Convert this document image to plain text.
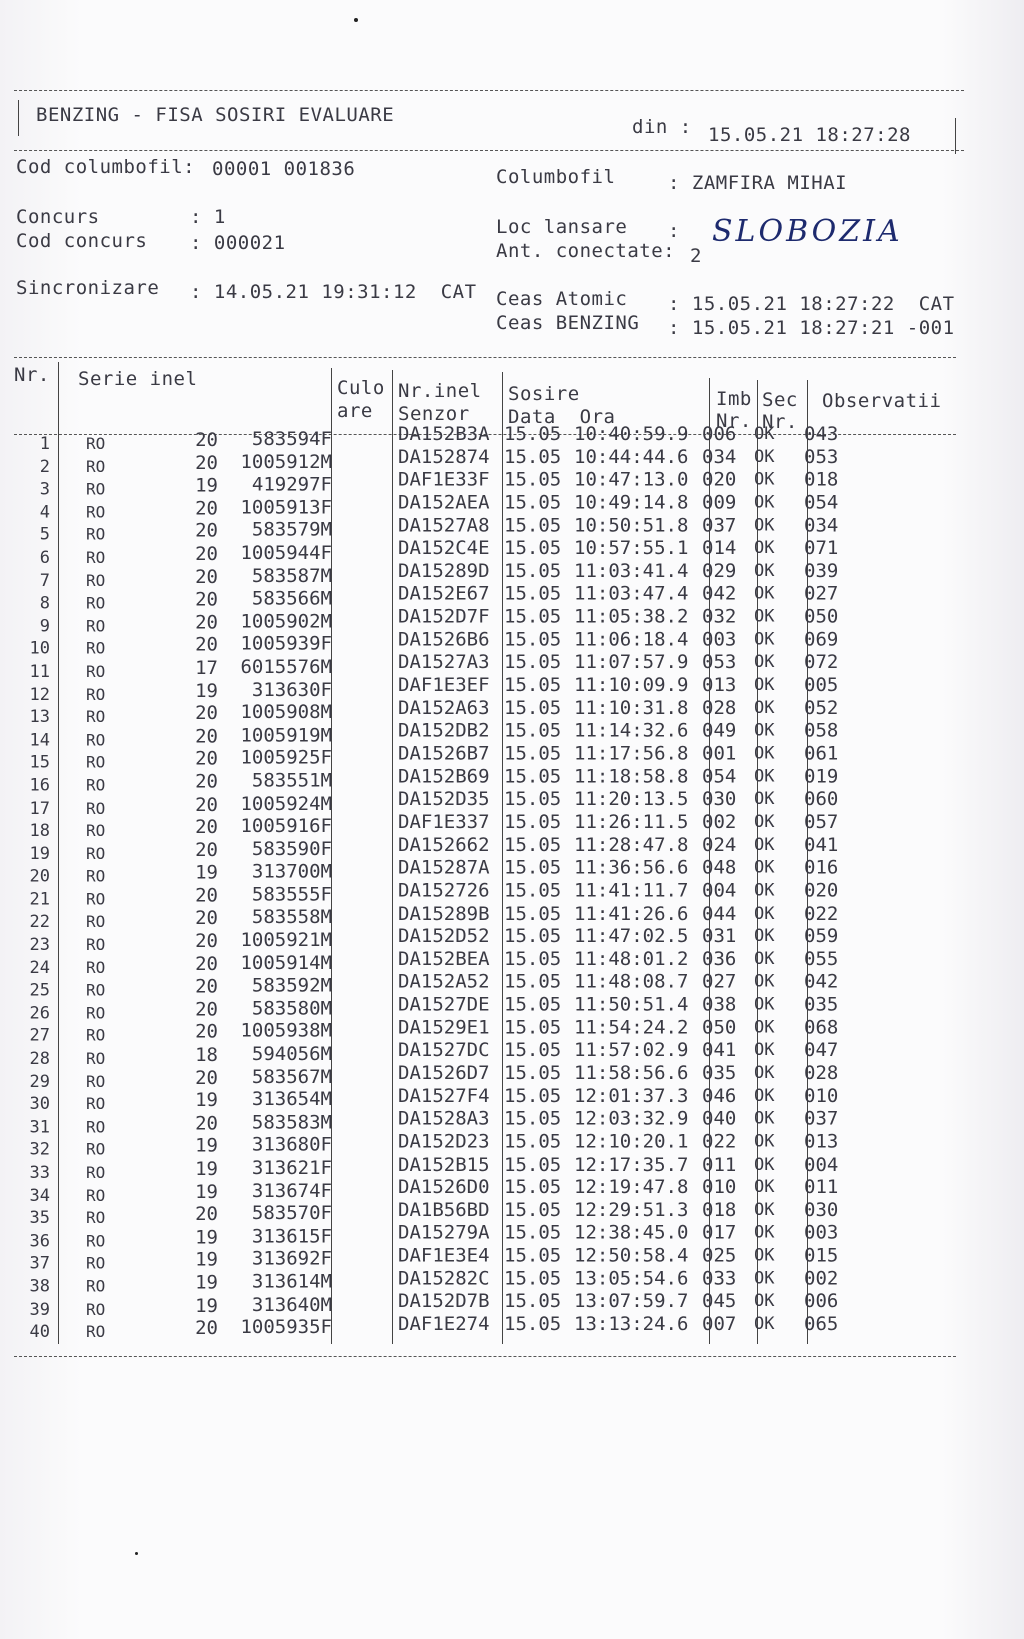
BENZING - FISA SOSIRI EVALUARE
din : 15.05.21 18:27:28
Cod columbofil: 00001 001836	Columbofil	: ZAMFIRA MIHAI
Concurs	: 1
Cod concurs : 000021
Loc lansare : SLOBOZIA
Ant. conectate: 2
Sincronizare : 14.05.21 19:31:12  CAT Ceas Atomic : 15.05.21 18:27:22  CAT
Ceas BENZING : 15.05.21 18:27:21 -001
Nr. Serie inel	Culo
are
Nr.inel
Senzor
Sosire
Data  Ora
Imb
Nr.
Sec
Nr.
Observatii
1 RO	20	583594F	DA152B3A 15.05 10:40:59.9 006 OK 043
2 RO	20	1005912M	DA152874 15.05 10:44:44.6 034 OK 053
3 RO	19	419297F	DAF1E33F 15.05 10:47:13.0 020 OK 018
4 RO	20	1005913F	DA152AEA 15.05 10:49:14.8 009 OK 054
5 RO	20	583579M	DA1527A8 15.05 10:50:51.8 037 OK 034
6 RO	20	1005944F	DA152C4E 15.05 10:57:55.1 014 OK 071
7 RO	20	583587M	DA15289D 15.05 11:03:41.4 029 OK 039
8 RO	20	583566M	DA152E67 15.05 11:03:47.4 042 OK 027
9 RO	20	1005902M	DA152D7F 15.05 11:05:38.2 032 OK 050
10 RO	20	1005939F	DA1526B6 15.05 11:06:18.4 003 OK 069
11 RO	17	6015576M	DA1527A3 15.05 11:07:57.9 053 OK 072
12 RO	19	313630F	DAF1E3EF 15.05 11:10:09.9 013 OK 005
13 RO	20	1005908M	DA152A63 15.05 11:10:31.8 028 OK 052
14 RO	20	1005919M	DA152DB2 15.05 11:14:32.6 049 OK 058
15 RO	20	1005925F	DA1526B7 15.05 11:17:56.8 001 OK 061
16 RO	20	583551M	DA152B69 15.05 11:18:58.8 054 OK 019
17 RO	20	1005924M	DA152D35 15.05 11:20:13.5 030 OK 060
18 RO	20	1005916F	DAF1E337 15.05 11:26:11.5 002 OK 057
19 RO	20	583590F	DA152662 15.05 11:28:47.8 024 OK 041
20 RO	19	313700M	DA15287A 15.05 11:36:56.6 048 OK 016
21 RO	20	583555F	DA152726 15.05 11:41:11.7 004 OK 020
22 RO	20	583558M	DA15289B 15.05 11:41:26.6 044 OK 022
23 RO	20	1005921M	DA152D52 15.05 11:47:02.5 031 OK 059
24 RO	20	1005914M	DA152BEA 15.05 11:48:01.2 036 OK 055
25 RO	20	583592M	DA152A52 15.05 11:48:08.7 027 OK 042
26 RO	20	583580M	DA1527DE 15.05 11:50:51.4 038 OK 035
27 RO	20	1005938M	DA1529E1 15.05 11:54:24.2 050 OK 068
28 RO	18	594056M	DA1527DC 15.05 11:57:02.9 041 OK 047
29 RO	20	583567M	DA1526D7 15.05 11:58:56.6 035 OK 028
30 RO	19	313654M	DA1527F4 15.05 12:01:37.3 046 OK 010
31 RO	20	583583M	DA1528A3 15.05 12:03:32.9 040 OK 037
32 RO	19	313680F	DA152D23 15.05 12:10:20.1 022 OK 013
33 RO	19	313621F	DA152B15 15.05 12:17:35.7 011 OK 004
34 RO	19	313674F	DA1526D0 15.05 12:19:47.8 010 OK 011
35 RO	20	583570F	DA1B56BD 15.05 12:29:51.3 018 OK 030
36 RO	19	313615F	DA15279A 15.05 12:38:45.0 017 OK 003
37 RO	19	313692F	DAF1E3E4 15.05 12:50:58.4 025 OK 015
38 RO	19	313614M	DA15282C 15.05 13:05:54.6 033 OK 002
39 RO	19	313640M	DA152D7B 15.05 13:07:59.7 045 OK 006
40 RO	20	1005935F	DAF1E274 15.05 13:13:24.6 007 OK 065
